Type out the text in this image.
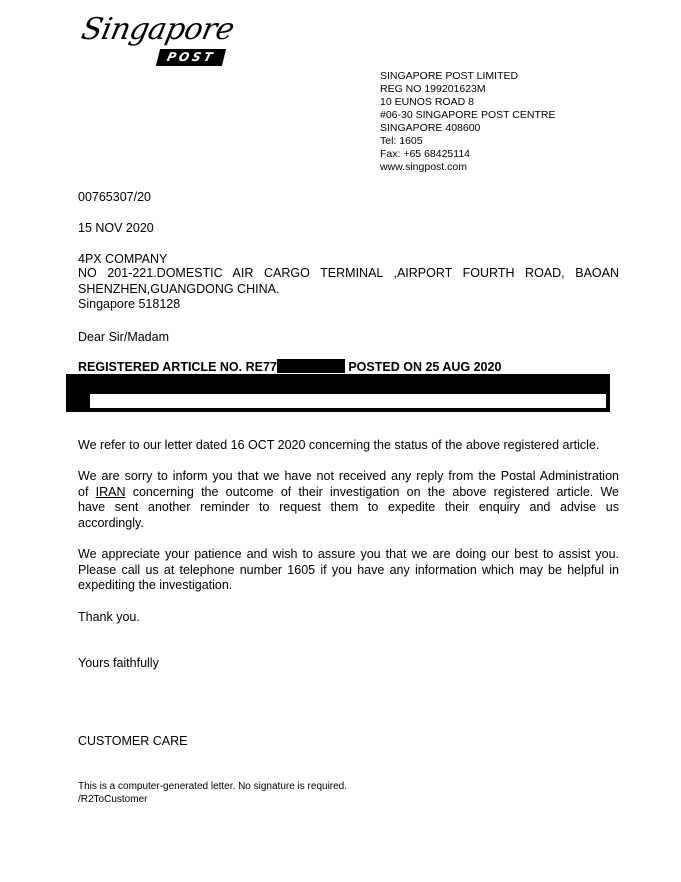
Singapore
POST
SINGAPORE POST LIMITED
REG NO 199201623M
10 EUNOS ROAD 8
#06-30 SINGAPORE POST CENTRE
SINGAPORE 408600
Tel: 1605
Fax: +65 68425114
www.singpost.com
00765307/20
15 NOV 2020
4PX COMPANY
NO 201-221.DOMESTIC AIR CARGO TERMINAL ,AIRPORT FOURTH ROAD, BAOAN
SHENZHEN,GUANGDONG CHINA.
Singapore 518128
Dear Sir/Madam
REGISTERED ARTICLE NO. RE77	POSTED ON 25 AUG 2020
We refer to our letter dated 16 OCT 2020 concerning the status of the above registered article.
We are sorry to inform you that we have not received any reply from the Postal Administration
of IRAN concerning the outcome of their investigation on the above registered article. We
have sent another reminder to request them to expedite their enquiry and advise us
accordingly.
We appreciate your patience and wish to assure you that we are doing our best to assist you.
Please call us at telephone number 1605 if you have any information which may be helpful in
expediting the investigation.
Thank you.
Yours faithfully
CUSTOMER CARE
This is a computer-generated letter. No signature is required.
/R2ToCustomer
